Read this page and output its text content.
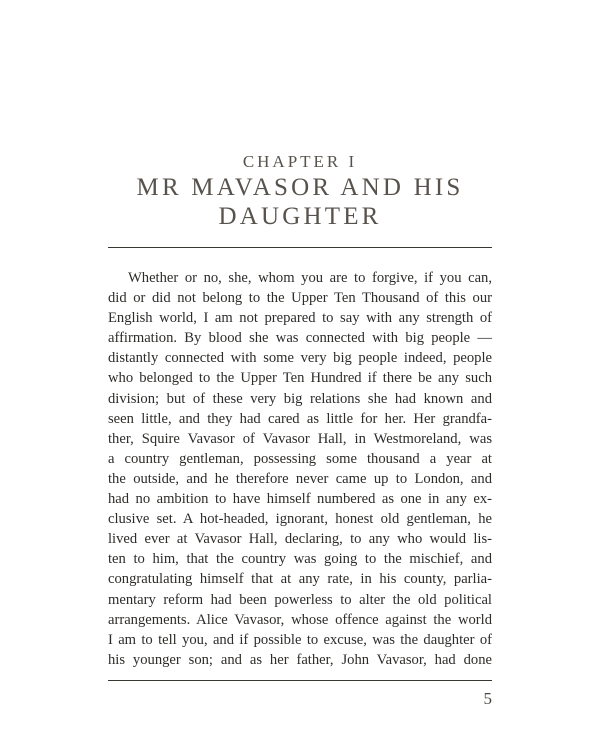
CHAPTER I
MR MAVASOR AND HIS DAUGHTER
Whether or no, she, whom you are to forgive, if you can,
did or did not belong to the Upper Ten Thousand of this our
English world, I am not prepared to say with any strength of
affirmation. By blood she was connected with big people —
distantly connected with some very big people indeed, people
who belonged to the Upper Ten Hundred if there be any such
division; but of these very big relations she had known and
seen little, and they had cared as little for her. Her grandfa-
ther, Squire Vavasor of Vavasor Hall, in Westmoreland, was
a country gentleman, possessing some thousand a year at
the outside, and he therefore never came up to London, and
had no ambition to have himself numbered as one in any ex-
clusive set. A hot-headed, ignorant, honest old gentleman, he
lived ever at Vavasor Hall, declaring, to any who would lis-
ten to him, that the country was going to the mischief, and
congratulating himself that at any rate, in his county, parlia-
mentary reform had been powerless to alter the old political
arrangements. Alice Vavasor, whose offence against the world
I am to tell you, and if possible to excuse, was the daughter of
his younger son; and as her father, John Vavasor, had done
5
